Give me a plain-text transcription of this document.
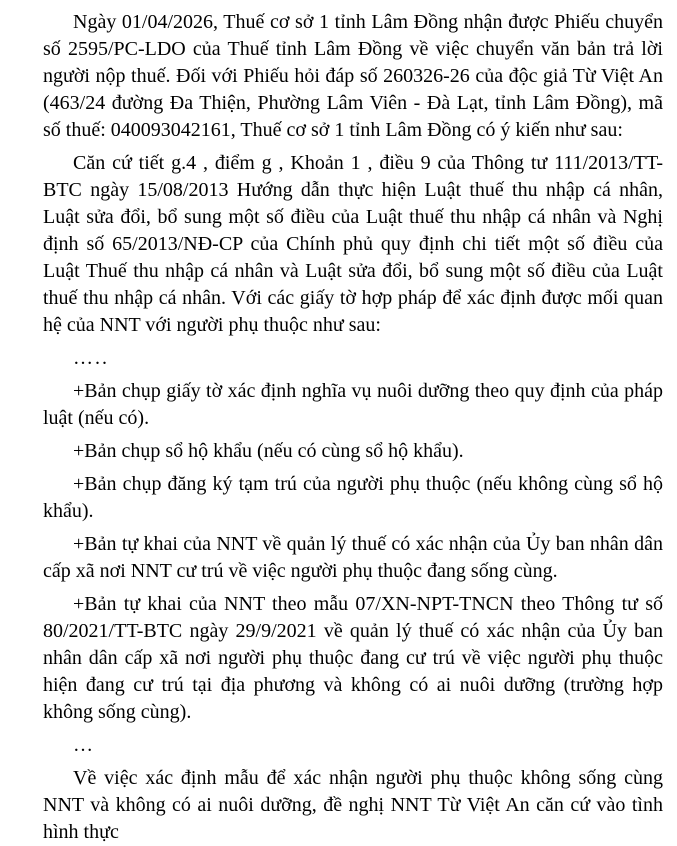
Ngày 01/04/2026, Thuế cơ sở 1 tỉnh Lâm Đồng nhận được Phiếu chuyển số 2595/PC-LDO của Thuế tỉnh Lâm Đồng về việc chuyển văn bản trả lời người nộp thuế. Đối với Phiếu hỏi đáp số 260326-26 của độc giả Từ Việt An (463/24 đường Đa Thiện, Phường Lâm Viên - Đà Lạt, tỉnh Lâm Đồng), mã số thuế: 040093042161, Thuế cơ sở 1 tỉnh Lâm Đồng có ý kiến như sau:

Căn cứ tiết g.4 , điểm g , Khoản 1 , điều 9 của Thông tư 111/2013/TT-BTC ngày 15/08/2013 Hướng dẫn thực hiện Luật thuế thu nhập cá nhân, Luật sửa đổi, bổ sung một số điều của Luật thuế thu nhập cá nhân và Nghị định số 65/2013/NĐ-CP của Chính phủ quy định chi tiết một số điều của Luật Thuế thu nhập cá nhân và Luật sửa đổi, bổ sung một số điều của Luật thuế thu nhập cá nhân. Với các giấy tờ hợp pháp để xác định được mối quan hệ của NNT với người phụ thuộc như sau:

…..

+Bản chụp giấy tờ xác định nghĩa vụ nuôi dưỡng theo quy định của pháp luật (nếu có).

+Bản chụp sổ hộ khẩu (nếu có cùng sổ hộ khẩu).

+Bản chụp đăng ký tạm trú của người phụ thuộc (nếu không cùng sổ hộ khẩu).

+Bản tự khai của NNT về quản lý thuế có xác nhận của Ủy ban nhân dân cấp xã nơi NNT cư trú về việc người phụ thuộc đang sống cùng.

+Bản tự khai của NNT theo mẫu 07/XN-NPT-TNCN theo Thông tư số 80/2021/TT-BTC ngày 29/9/2021 về quản lý thuế có xác nhận của Ủy ban nhân dân cấp xã nơi người phụ thuộc đang cư trú về việc người phụ thuộc hiện đang cư trú tại địa phương và không có ai nuôi dưỡng (trường hợp không sống cùng).

…

Về việc xác định mẫu để xác nhận người phụ thuộc không sống cùng NNT và không có ai nuôi dưỡng, đề nghị NNT Từ Việt An căn cứ vào tình hình thực
